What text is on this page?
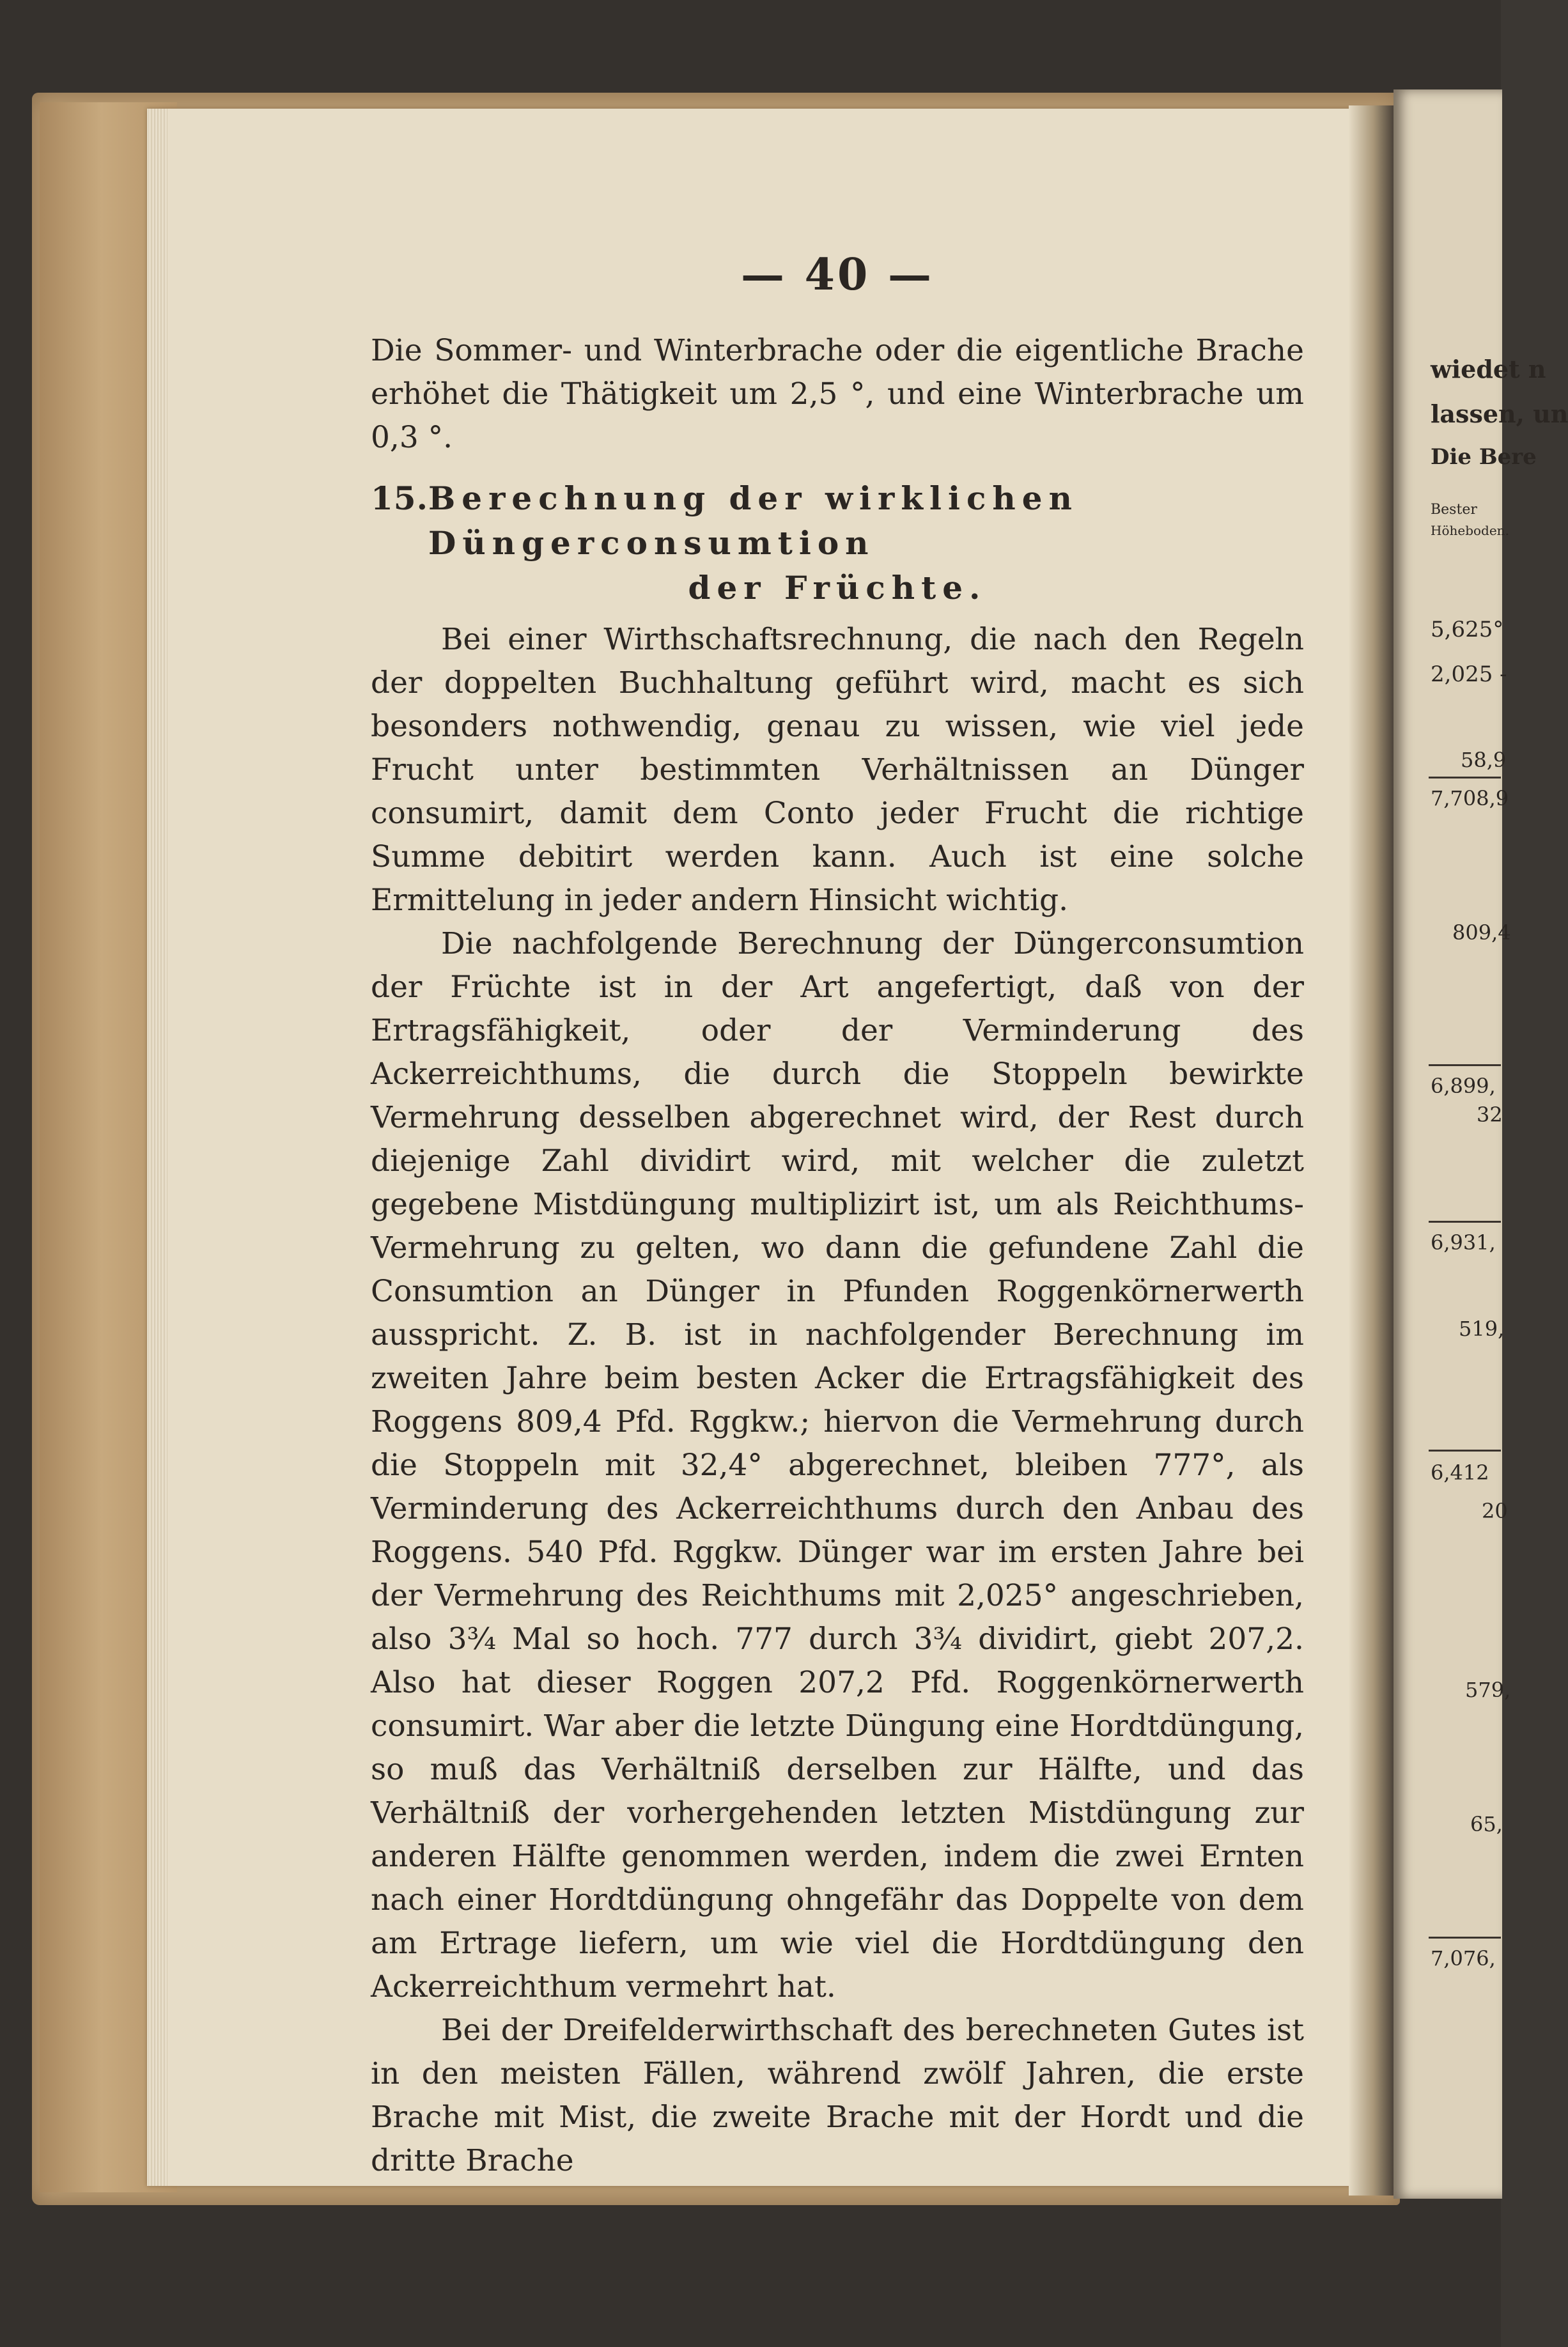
— 40 —

Die Sommer- und Winterbrache oder die eigentliche Brache erhöhet die Thätigkeit um 2,5 °, und eine Winterbrache um 0,3 °.

15. Berechnung der wirklichen Düngerconsumtion
der Früchte.

Bei einer Wirthschaftsrechnung, die nach den Regeln der doppelten Buchhaltung geführt wird, macht es sich besonders nothwendig, genau zu wissen, wie viel jede Frucht unter bestimmten Verhältnissen an Dünger consumirt, damit dem Conto jeder Frucht die richtige Summe debitirt werden kann. Auch ist eine solche Ermittelung in jeder andern Hinsicht wichtig.

Die nachfolgende Berechnung der Düngerconsumtion der Früchte ist in der Art angefertigt, daß von der Ertragsfähigkeit, oder der Verminderung des Ackerreichthums, die durch die Stoppeln bewirkte Vermehrung desselben abgerechnet wird, der Rest durch diejenige Zahl dividirt wird, mit welcher die zuletzt gegebene Mistdüngung multiplizirt ist, um als Reichthums-Vermehrung zu gelten, wo dann die gefundene Zahl die Consumtion an Dünger in Pfunden Roggenkörnerwerth ausspricht. Z. B. ist in nachfolgender Berechnung im zweiten Jahre beim besten Acker die Ertragsfähigkeit des Roggens 809,4 Pfd. Rggkw.; hiervon die Vermehrung durch die Stoppeln mit 32,4° abgerechnet, bleiben 777°, als Verminderung des Ackerreichthums durch den Anbau des Roggens. 540 Pfd. Rggkw. Dünger war im ersten Jahre bei der Vermehrung des Reichthums mit 2,025° angeschrieben, also 3¾ Mal so hoch. 777 durch 3¾ dividirt, giebt 207,2. Also hat dieser Roggen 207,2 Pfd. Roggenkörnerwerth consumirt. War aber die letzte Düngung eine Hordtdüngung, so muß das Verhältniß derselben zur Hälfte, und das Verhältniß der vorhergehenden letzten Mistdüngung zur anderen Hälfte genommen werden, indem die zwei Ernten nach einer Hordtdüngung ohngefähr das Doppelte von dem am Ertrage liefern, um wie viel die Hordtdüngung den Ackerreichthum vermehrt hat.

Bei der Dreifelderwirthschaft des berechneten Gutes ist in den meisten Fällen, während zwölf Jahren, die erste Brache mit Mist, die zweite Brache mit der Hordt und die dritte Brache

wiedet n
lassen, un
Die Bere
Bester
Höheboden.
5,625°
2,025 -
58,9
7,708,9
809,4
6,899,
32
6,931,
519,
6,412
20
579,
65,
7,076,
